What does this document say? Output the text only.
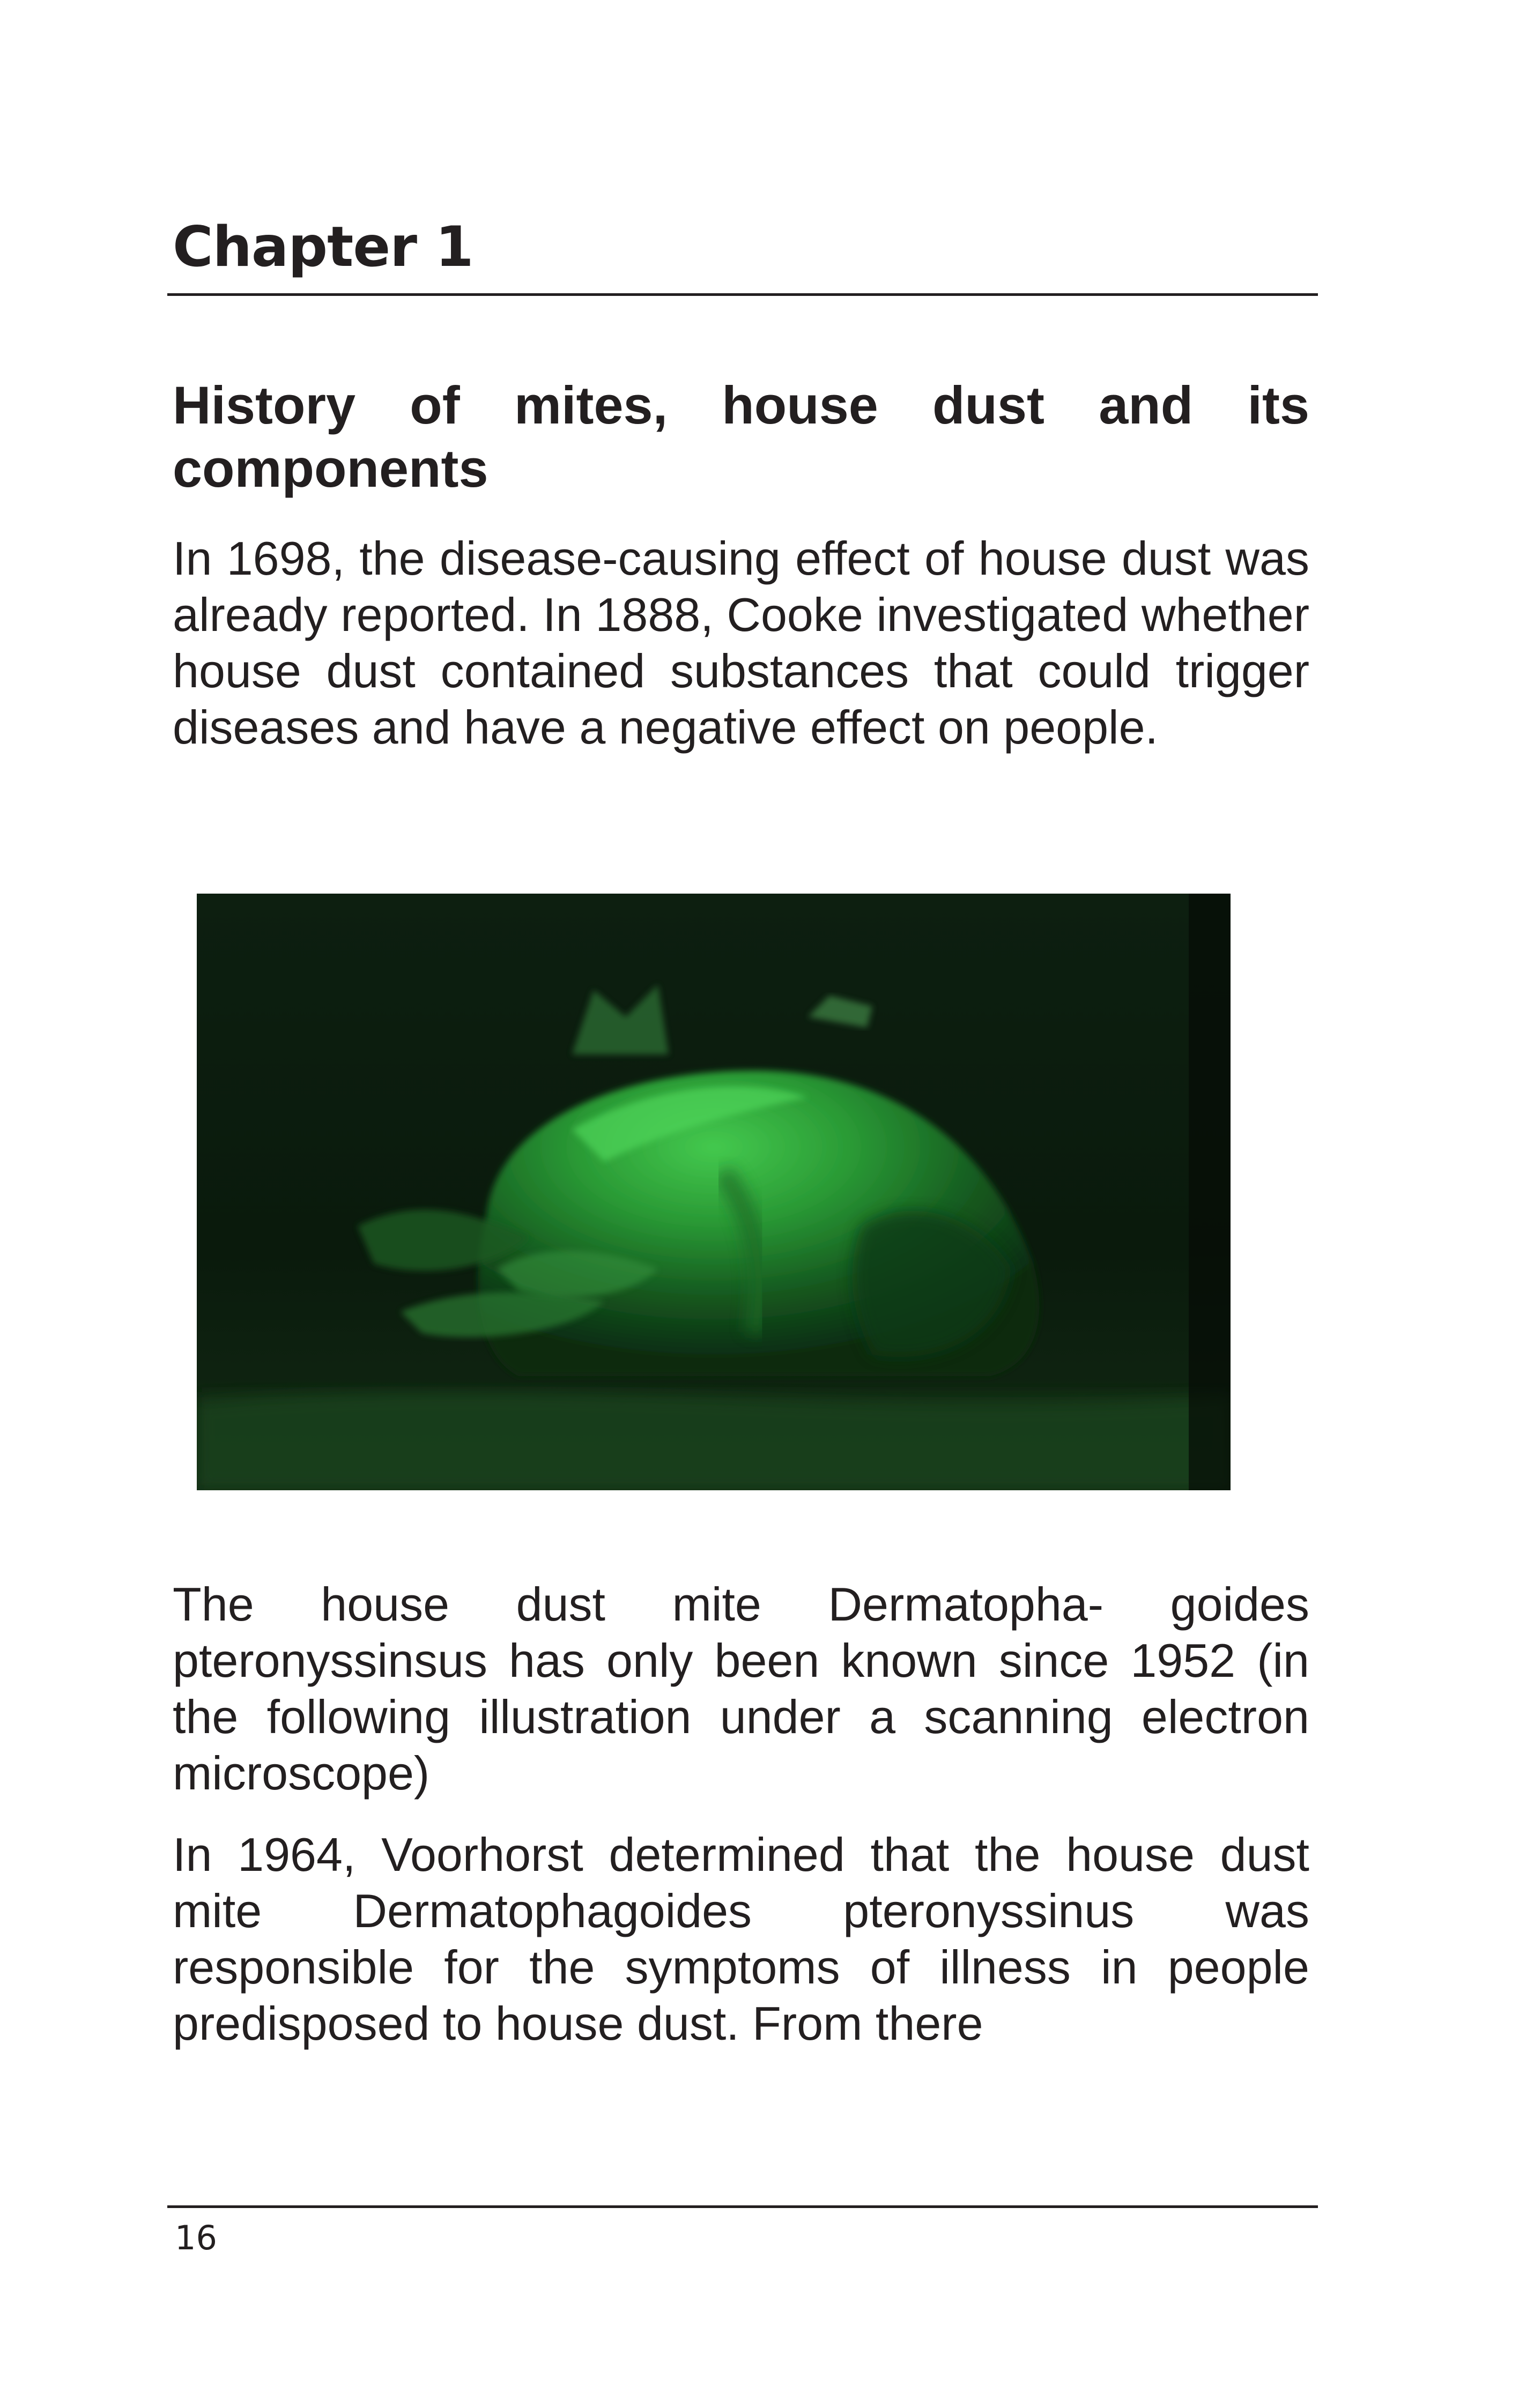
Chapter 1
History of mites, house dust and its components

In 1698, the disease-causing effect of house dust was already reported. In 1888, Cooke investigated whether house dust contained substances that could trigger diseases and have a negative effect on people.

The house dust mite Dermatopha- goides pteronyssinsus has only been known since 1952 (in the following illustration under a scanning electron microscope)

In 1964, Voorhorst determined that the house dust mite Dermatophagoides pteronyssinus was responsible for the symptoms of illness in people predisposed to house dust. From there

16
